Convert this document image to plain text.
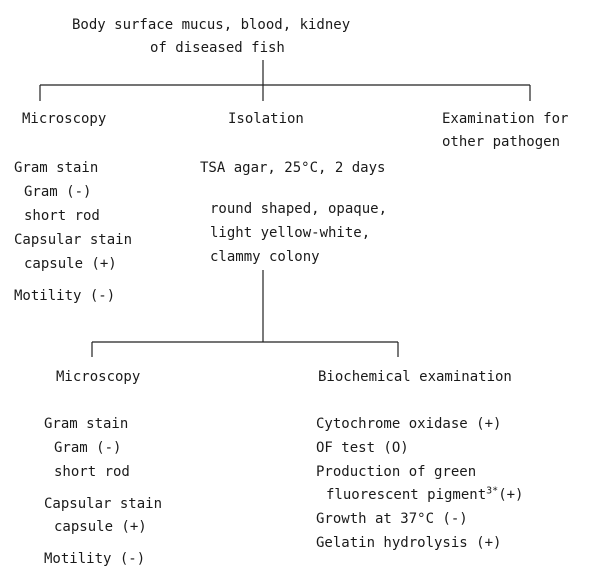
Body surface mucus, blood, kidney
of diseased fish
Microscopy
Gram stain
Gram (-)
short rod
Capsular stain
capsule (+)
Motility (-)
Isolation
TSA agar, 25°C, 2 days
round shaped, opaque,
light yellow-white,
clammy colony
Examination for
other pathogen
Microscopy
Gram stain
Gram (-)
short rod
Capsular stain
capsule (+)
Motility (-)
Biochemical examination
Cytochrome oxidase (+)
OF test (O)
Production of green
fluorescent pigment$^{3*}$(+)
Growth at 37°C (-)
Gelatin hydrolysis (+)
